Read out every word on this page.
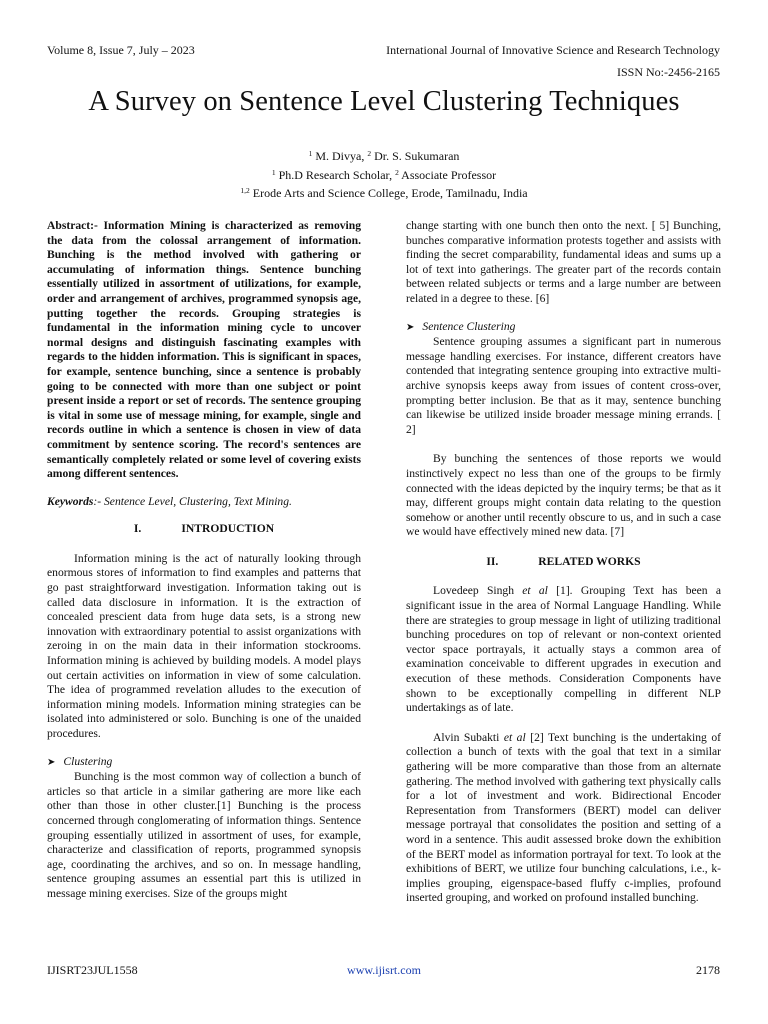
Volume 8, Issue 7, July – 2023	International Journal of Innovative Science and Research Technology
ISSN No:-2456-2165
A Survey on Sentence Level Clustering Techniques
$^1$ M. Divya, $^2$ Dr. S. Sukumaran
$^1$ Ph.D Research Scholar, $^2$ Associate Professor
$^{1,2}$ Erode Arts and Science College, Erode, Tamilnadu, India

Abstract:- Information Mining is characterized as removing the data from the colossal arrangement of information. Bunching is the method involved with gathering or accumulating of information things. Sentence bunching essentially utilized in assortment of utilizations, for example, order and arrangement of archives, programmed synopsis age, putting together the records. Grouping strategies is fundamental in the information mining cycle to uncover normal designs and distinguish fascinating examples with regards to the hidden information. This is significant in spaces, for example, sentence bunching, since a sentence is probably going to be connected with more than one subject or point present inside a report or set of records. The sentence grouping is vital in some use of message mining, for example, single and records outline in which a sentence is chosen in view of data commitment by sentence scoring. The record's sentences are semantically completely related or some level of covering exists among different sentences.

Keywords:- Sentence Level, Clustering, Text Mining.

I.	INTRODUCTION

Information mining is the act of naturally looking through enormous stores of information to find examples and patterns that go past straightforward investigation. Information taking out is called data disclosure in information. It is the extraction of concealed prescient data from huge data sets, is a strong new innovation with extraordinary potential to assist organizations with zeroing in on the main data in their information stockrooms. Information mining is achieved by building models. A model plays out certain activities on information in view of some calculation. The idea of programmed revelation alludes to the execution of information mining models. Information mining strategies can be isolated into administered or solo. Bunching is one of the unaided procedures.

➤ Clustering

Bunching is the most common way of collection a bunch of articles so that article in a similar gathering are more like each other than those in other cluster.[1] Bunching is the process concerned through conglomerating of information things. Sentence grouping essentially utilized in assortment of uses, for example, characterize and classification of reports, programmed synopsis age, coordinating the archives, and so on. In message handling, sentence grouping assumes an essential part this is utilized in message mining exercises. Size of the groups might

change starting with one bunch then onto the next. [ 5] Bunching, bunches comparative information protests together and assists with finding the secret comparability, fundamental ideas and sums up a lot of text into gatherings. The greater part of the records contain between related subjects or terms and a large number are between related in a degree to these. [6]

➤ Sentence Clustering

Sentence grouping assumes a significant part in numerous message handling exercises. For instance, different creators have contended that integrating sentence grouping into extractive multi-archive synopsis keeps away from issues of content cross-over, prompting better inclusion. Be that as it may, sentence bunching can likewise be utilized inside broader message mining errands. [ 2]

By bunching the sentences of those reports we would instinctively expect no less than one of the groups to be firmly connected with the ideas depicted by the inquiry terms; be that as it may, different groups might contain data relating to the question somehow or another until recently obscure to us, and in such a case we would have effectively mined new data. [7]

II.	RELATED WORKS

Lovedeep Singh et al [1]. Grouping Text has been a significant issue in the area of Normal Language Handling. While there are strategies to group message in light of utilizing traditional bunching procedures on top of relevant or non-context oriented vector space portrayals, it actually stays a common area of examination conceivable to different upgrades in execution and execution of these methods. Consideration Components have shown to be exceptionally compelling in different NLP undertakings as of late.

Alvin Subakti et al [2] Text bunching is the undertaking of collection a bunch of texts with the goal that text in a similar gathering will be more comparative than those from an alternate gathering. The method involved with gathering text physically calls for a lot of investment and work. Bidirectional Encoder Representation from Transformers (BERT) model can deliver message portrayal that consolidates the position and setting of a word in a sentence. This audit assessed broke down the exhibition of the BERT model as information portrayal for text. To look at the exhibitions of BERT, we utilize four bunching calculations, i.e., k-implies grouping, eigenspace-based fluffy c-implies, profound inserted grouping, and worked on profound installed bunching.

IJISRT23JUL1558	www.ijisrt.com	2178
